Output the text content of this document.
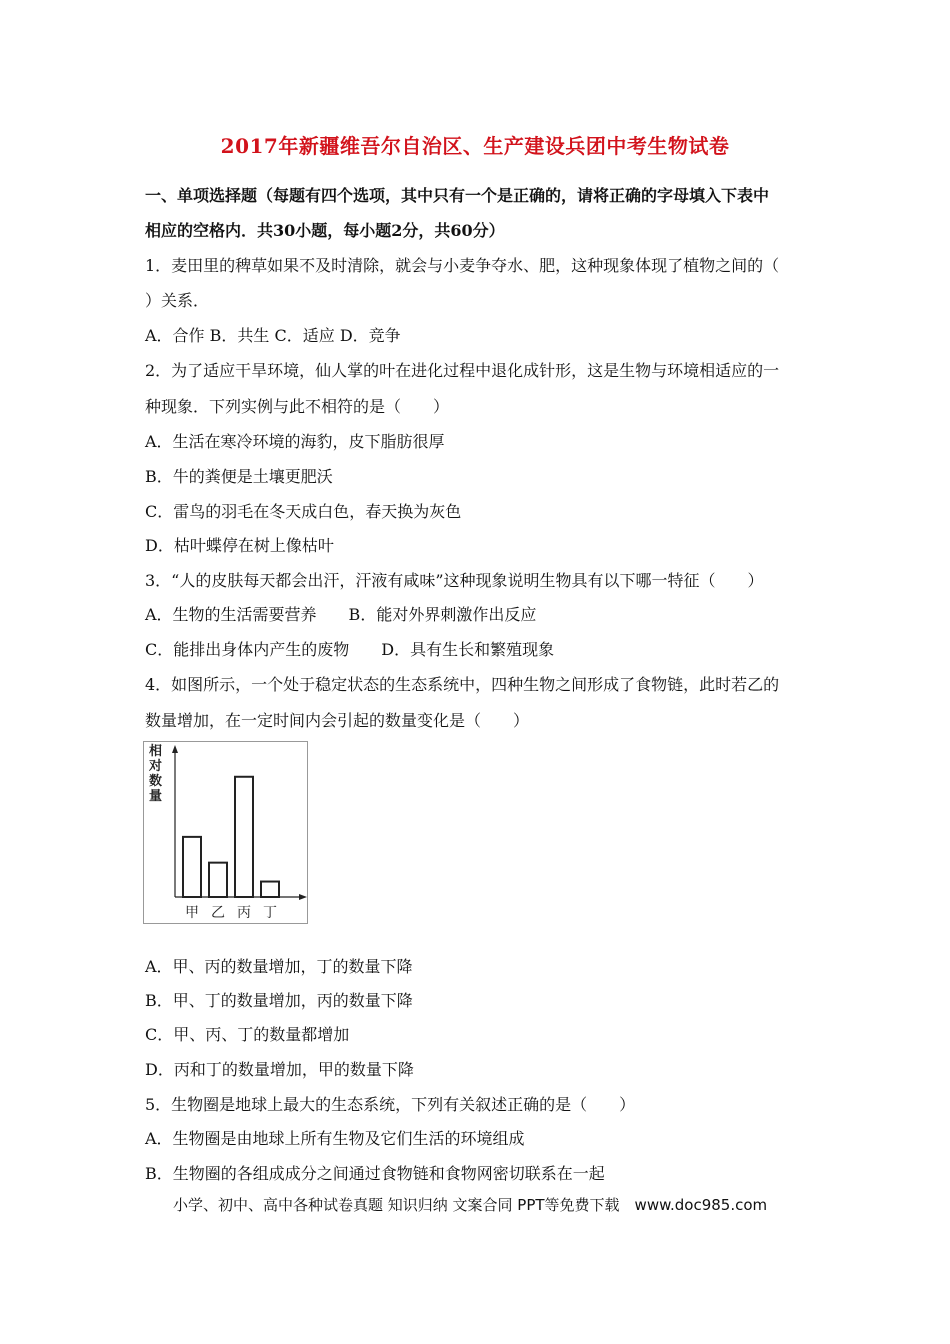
2017年新疆维吾尔自治区、生产建设兵团中考生物试卷
一、单项选择题（每题有四个选项，其中只有一个是正确的，请将正确的字母填入下表中
相应的空格内．共30小题，每小题2分，共60分）
1．麦田里的稗草如果不及时清除，就会与小麦争夺水、肥，这种现象体现了植物之间的（
）关系．
A．合作 B．共生 C．适应 D．竞争
2．为了适应干旱环境，仙人掌的叶在进化过程中退化成针形，这是生物与环境相适应的一
种现象．下列实例与此不相符的是（　　）
A．生活在寒冷环境的海豹，皮下脂肪很厚
B．牛的粪便是土壤更肥沃
C．雷鸟的羽毛在冬天成白色，春天换为灰色
D．枯叶蝶停在树上像枯叶
3．“人的皮肤每天都会出汗，汗液有咸味”这种现象说明生物具有以下哪一特征（　　）
A．生物的生活需要营养　　B．能对外界刺激作出反应
C．能排出身体内产生的废物　　D．具有生长和繁殖现象
4．如图所示，一个处于稳定状态的生态系统中，四种生物之间形成了食物链，此时若乙的
数量增加，在一定时间内会引起的数量变化是（　　）
相对数量
甲 乙 丙 丁
A．甲、丙的数量增加，丁的数量下降
B．甲、丁的数量增加，丙的数量下降
C．甲、丙、丁的数量都增加
D．丙和丁的数量增加，甲的数量下降
5．生物圈是地球上最大的生态系统，下列有关叙述正确的是（　　）
A．生物圈是由地球上所有生物及它们生活的环境组成
B．生物圈的各组成成分之间通过食物链和食物网密切联系在一起
小学、初中、高中各种试卷真题 知识归纳 文案合同 PPT等免费下载　www.doc985.com
